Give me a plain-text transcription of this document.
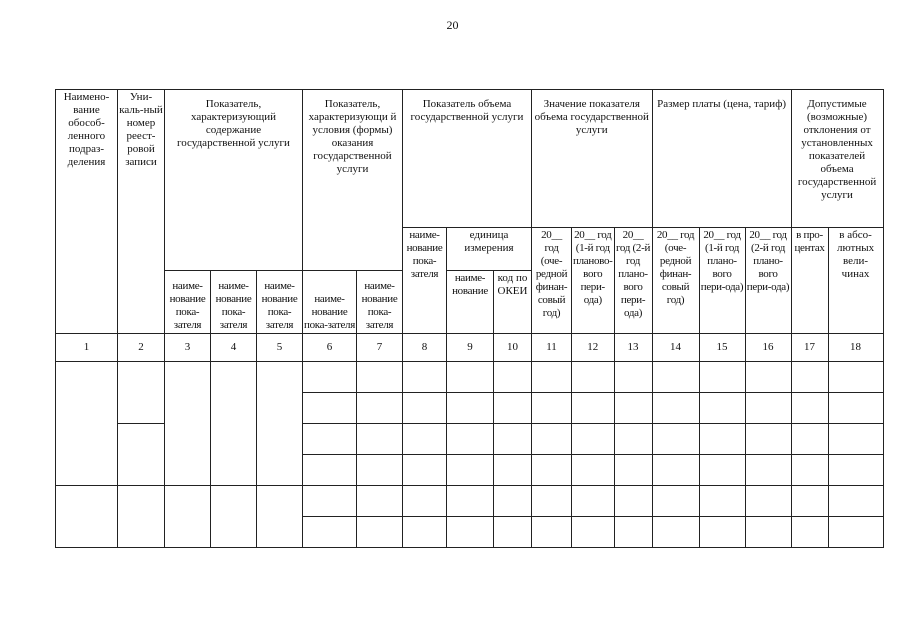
20
Наимено-вание обособ-ленного подраз-деления	Уни-каль-ный номер реест-ровой записи	Показатель, характеризующий содержание государственной услуги			Показатель, характеризующи й условия (формы) оказания государственной услуги		Показатель объема государственной услуги			Значение показателя объема государственной услуги			Размер платы (цена, тариф)			Допустимые (возможные) отклонения от установленных показателей объема государственной услуги	
							наиме-нование пока-зателя	единица измерения		20__ год (оче-редной финан-совый год)	20__ год (1-й год планово-вого пери-ода)	20__ год (2-й год плано-вого пери-ода)	20__ год (оче-редной финан-совый год)	20__ год (1-й год плано-вого пери-ода)	20__ год (2-й год плано-вого пери-ода)	в про-центах	в абсо-лютных вели-чинах
		наиме-нование пока-зателя	наиме-нование пока-зателя	наиме-нование пока-зателя	наиме-нование пока-зателя	наиме-нование пока-зателя		наиме-нование	код по ОКЕИ								
1	2	3	4	5	6	7	8	9	10	11	12	13	14	15	16	17	18
